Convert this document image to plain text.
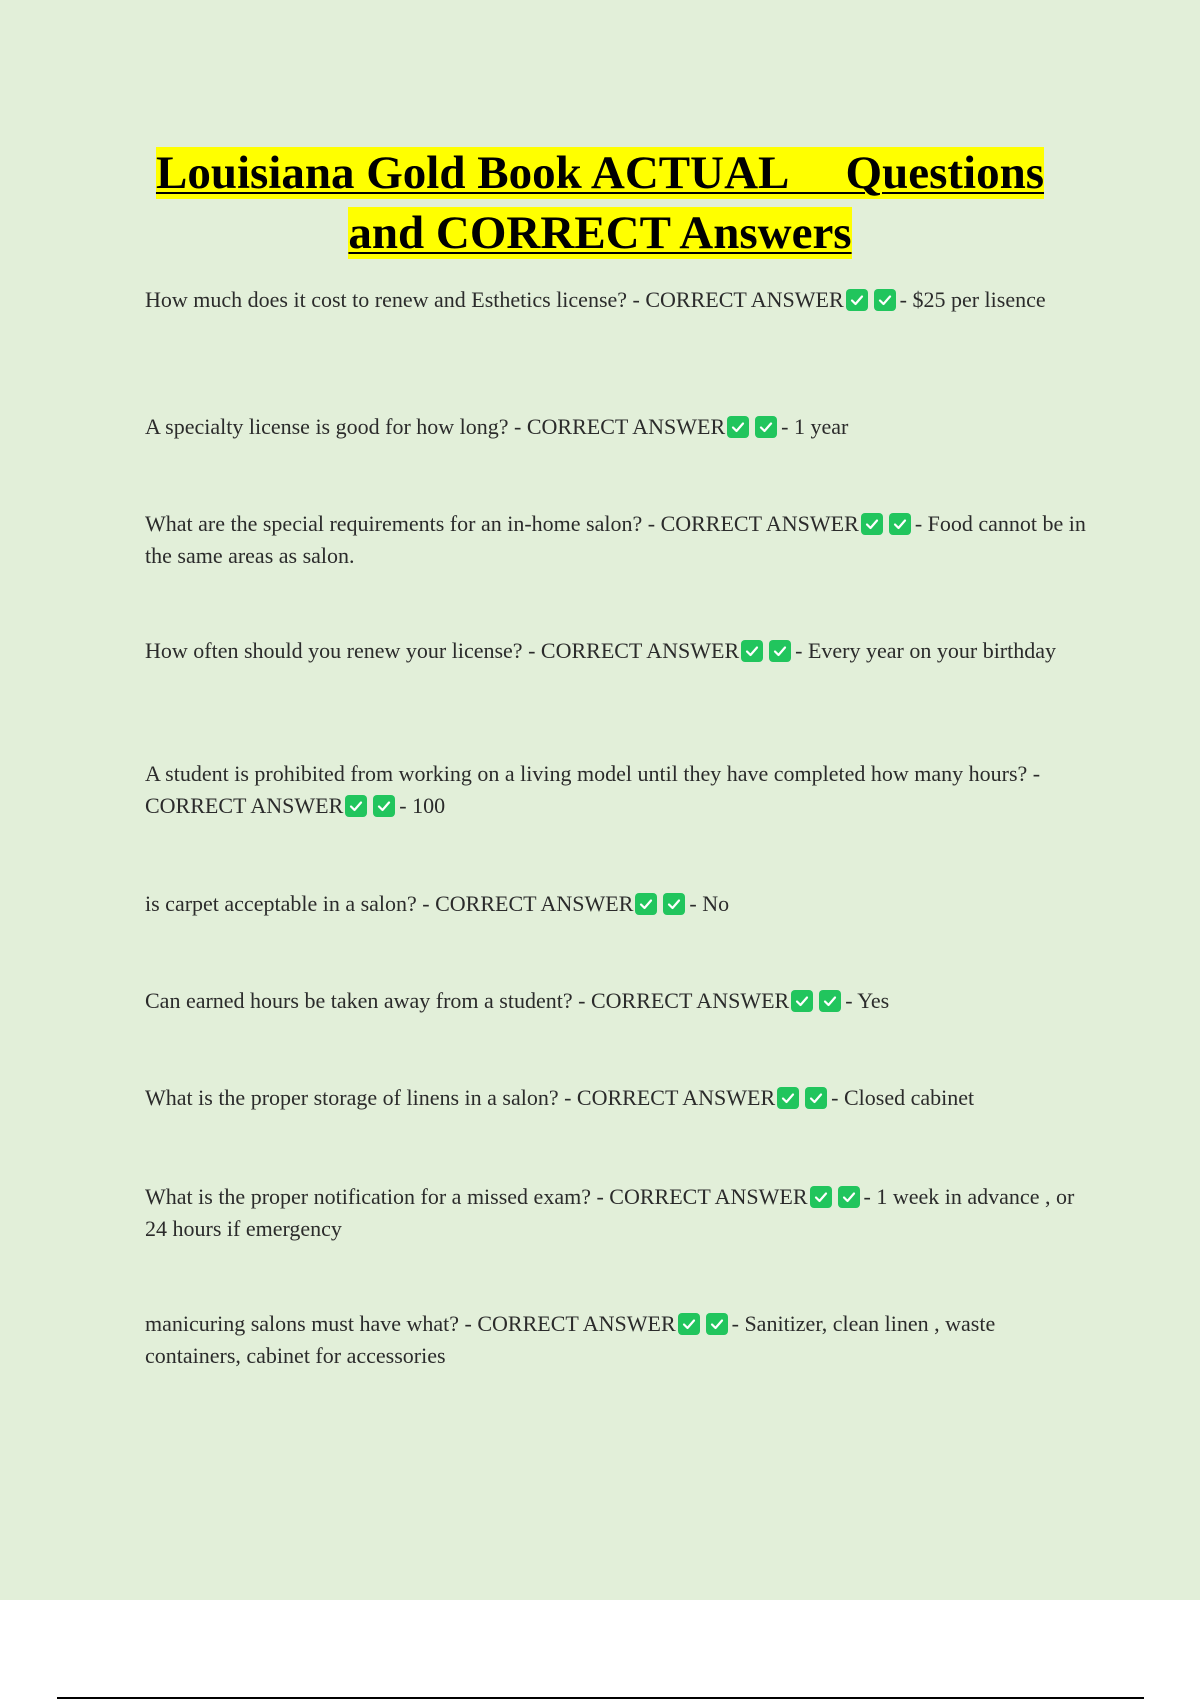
Louisiana Gold Book ACTUAL     Questions
and CORRECT Answers
How much does it cost to renew and Esthetics license? - CORRECT ANSWER	- $25 per lisence
A specialty license is good for how long? - CORRECT ANSWER	- 1 year
What are the special requirements for an in-home salon? - CORRECT ANSWER	- Food cannot be in the same areas as salon.
How often should you renew your license? - CORRECT ANSWER	- Every year on your birthday
A student is prohibited from working on a living model until they have completed how many hours? - CORRECT ANSWER	- 100
is carpet acceptable in a salon? - CORRECT ANSWER	- No
Can earned hours be taken away from a student? - CORRECT ANSWER	- Yes
What is the proper storage of linens in a salon? - CORRECT ANSWER	- Closed cabinet
What is the proper notification for a missed exam? - CORRECT ANSWER	- 1 week in advance , or 24 hours if emergency
manicuring salons must have what? - CORRECT ANSWER	- Sanitizer, clean linen , waste containers, cabinet for accessories
